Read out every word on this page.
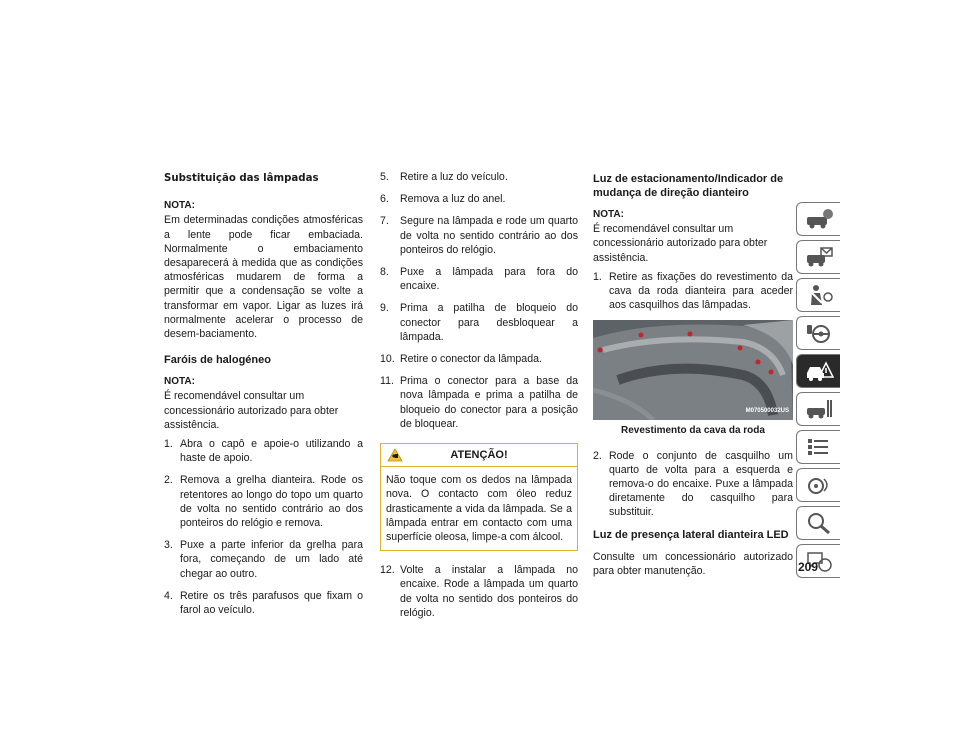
Substituição das lâmpadas
NOTA:

Em determinadas condições atmosféricas a lente pode ficar embaciada. Normalmente o embaciamento desaparecerá à medida que as condições atmosféricas mudarem de forma a permitir que a condensação se volte a transformar em vapor. Ligar as luzes irá normalmente acelerar o processo de desem-baciamento.

Faróis de halogéneo
NOTA:

É recomendável consultar um concessionário autorizado para obter assistência.

1. Abra o capô e apoie-o utilizando a haste de apoio.
2. Remova a grelha dianteira. Rode os retentores ao longo do topo um quarto de volta no sentido contrário ao dos ponteiros do relógio e remova.
3. Puxe a parte inferior da grelha para fora, começando de um lado até chegar ao outro.
4. Retire os três parafusos que fixam o farol ao veículo.
5.	Retire a luz do veículo.
6.	Remova a luz do anel.
7.	Segure na lâmpada e rode um quarto de volta no sentido contrário ao dos ponteiros do relógio.
8.	Puxe a lâmpada para fora do encaixe.
9.	Prima a patilha de bloqueio do conector para desbloquear a lâmpada.
10. Retire o conector da lâmpada.
11. Prima o conector para a base da nova lâmpada e prima a patilha de bloqueio do conector para a posição de bloquear.
ATENÇÃO!
Não toque com os dedos na lâmpada nova. O contacto com óleo reduz drasticamente a vida da lâmpada. Se a lâmpada entrar em contacto com uma superfície oleosa, limpe-a com álcool.
12. Volte a instalar a lâmpada no encaixe. Rode a lâmpada um quarto de volta no sentido dos ponteiros do relógio.
Luz de estacionamento/Indicador de mudança de direção dianteiro
NOTA:

É recomendável consultar um concessionário autorizado para obter assistência.

1. Retire as fixações do revestimento da cava da roda dianteira para aceder aos casquilhos das lâmpadas.
M070500032US
Revestimento da cava da roda
2. Rode o conjunto de casquilho um quarto de volta para a esquerda e remova-o do encaixe. Puxe a lâmpada diretamente do casquilho para substituir.
Luz de presença lateral dianteira LED

Consulte um concessionário autorizado para obter manutenção.	209
